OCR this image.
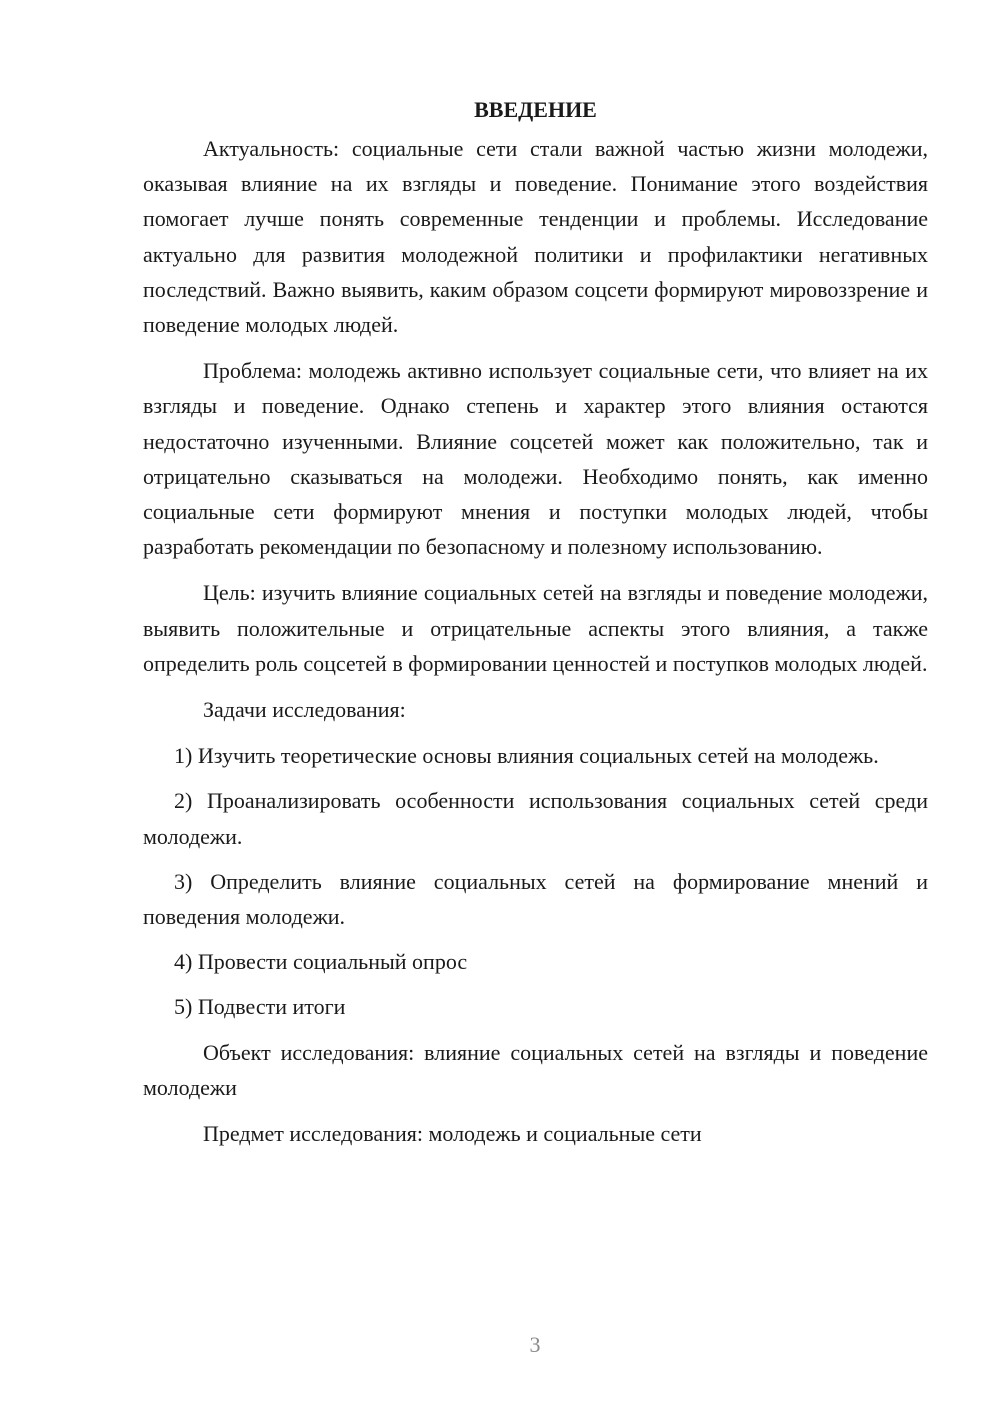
ВВЕДЕНИЕ

Актуальность: социальные сети стали важной частью жизни молодежи, оказывая влияние на их взгляды и поведение. Понимание этого воздействия помогает лучше понять современные тенденции и проблемы. Исследование актуально для развития молодежной политики и профилактики негативных последствий. Важно выявить, каким образом соцсети формируют мировоззрение и поведение молодых людей.

Проблема: молодежь активно использует социальные сети, что влияет на их взгляды и поведение. Однако степень и характер этого влияния остаются недостаточно изученными. Влияние соцсетей может как положительно, так и отрицательно сказываться на молодежи. Необходимо понять, как именно социальные сети формируют мнения и поступки молодых людей, чтобы разработать рекомендации по безопасному и полезному использованию.

Цель: изучить влияние социальных сетей на взгляды и поведение молодежи, выявить положительные и отрицательные аспекты этого влияния, а также определить роль соцсетей в формировании ценностей и поступков молодых людей.

Задачи исследования:

1) Изучить теоретические основы влияния социальных сетей на молодежь.

2) Проанализировать особенности использования социальных сетей среди молодежи.

3) Определить влияние социальных сетей на формирование мнений и поведения молодежи.

4) Провести социальный опрос

5) Подвести итоги

Объект исследования: влияние социальных сетей на взгляды и поведение молодежи

Предмет исследования: молодежь и социальные сети

3
